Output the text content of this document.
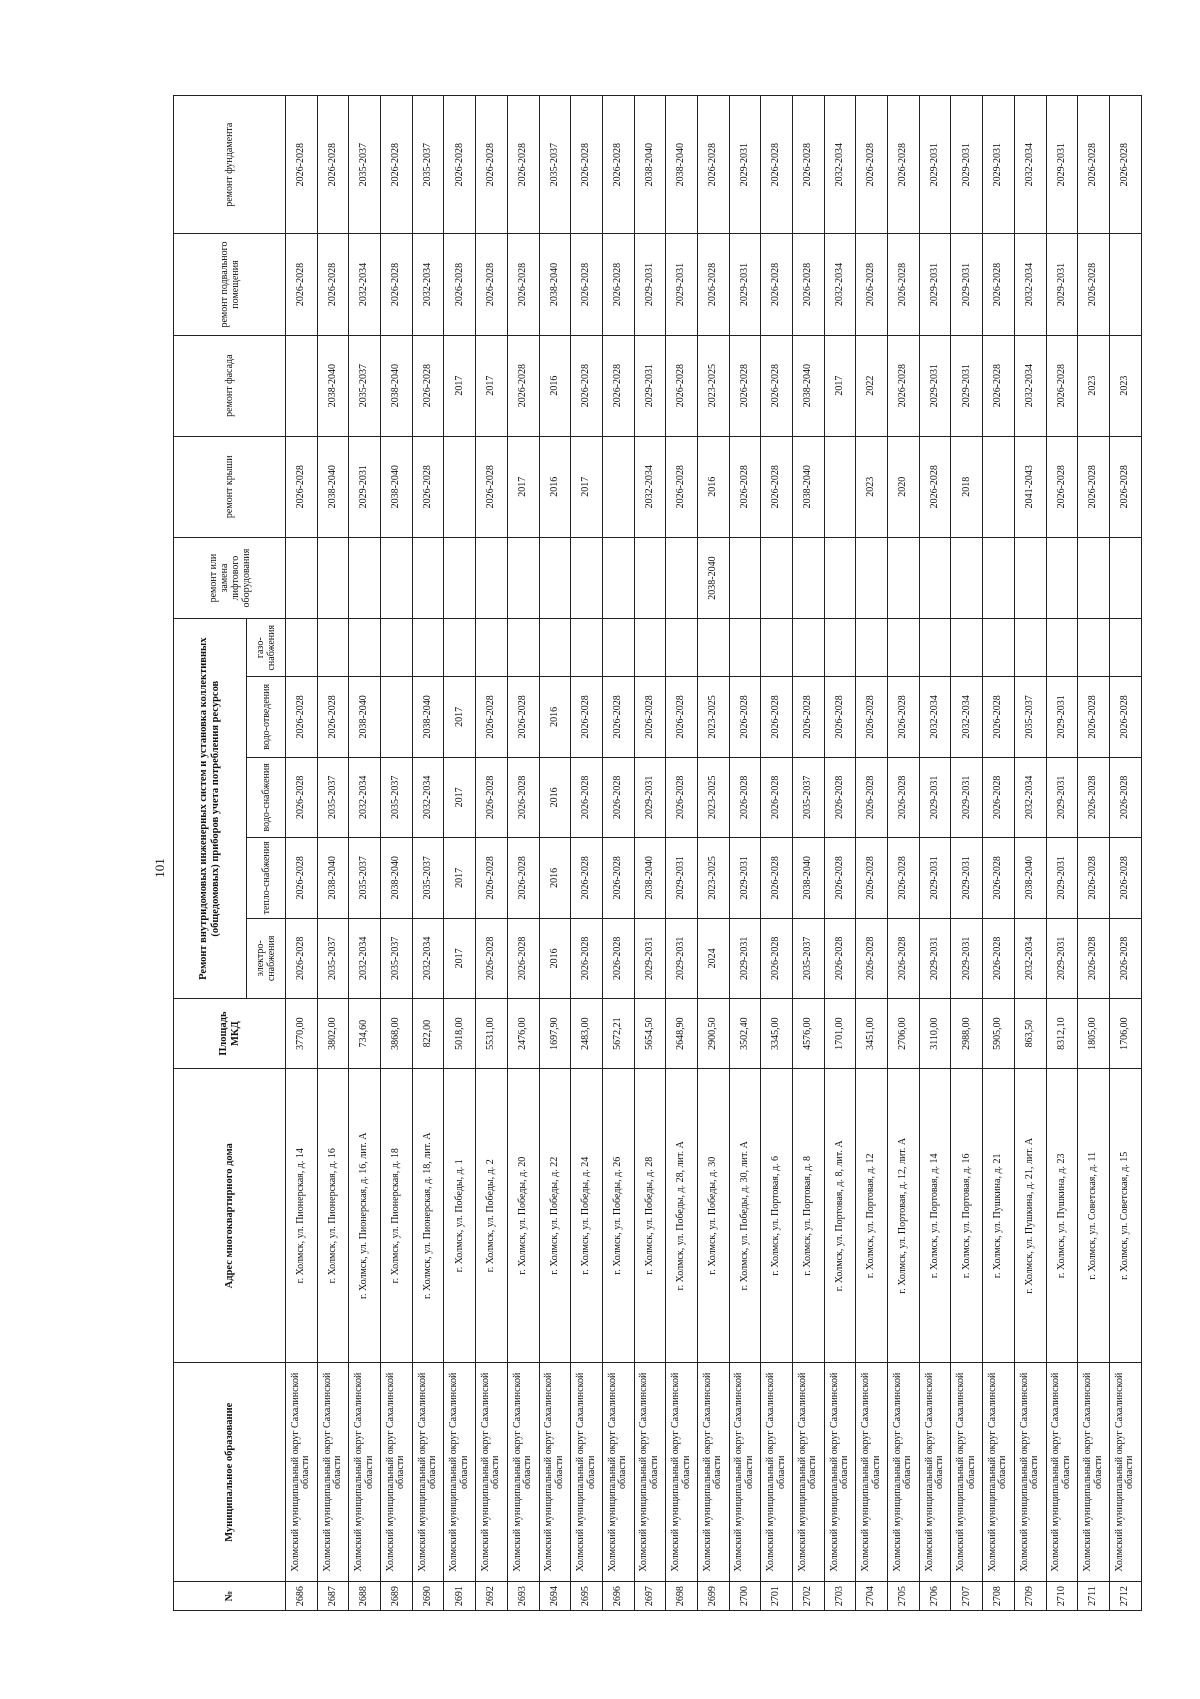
101
№	Муниципальное образование	Адрес многоквартирного дома	Площадь МКД	Ремонт внутридомовых инженерных систем и установка коллективных (общедомовых) приборов учета потребления ресурсов					ремонт или замена лифтового оборудования	ремонт крыши	ремонт фасада	ремонт подвального помещения	ремонт фундамента
				электро-снабжения	тепло-снабжения	водо-снабжения	водо-отведения	газо-снабжения					
2686	Холмский муниципальный округ Сахалинской области	г. Холмск, ул. Пионерская, д. 14	3770,00	2026-2028	2026-2028	2026-2028	2026-2028			2026-2028		2026-2028	2026-2028
2687	Холмский муниципальный округ Сахалинской области	г. Холмск, ул. Пионерская, д. 16	3802,00	2035-2037	2038-2040	2035-2037	2026-2028			2038-2040	2038-2040	2026-2028	2026-2028
2688	Холмский муниципальный округ Сахалинской области	г. Холмск, ул. Пионерская, д. 16, лит. А	734,60	2032-2034	2035-2037	2032-2034	2038-2040			2029-2031	2035-2037	2032-2034	2035-2037
2689	Холмский муниципальный округ Сахалинской области	г. Холмск, ул. Пионерская, д. 18	3868,00	2035-2037	2038-2040	2035-2037				2038-2040	2038-2040	2026-2028	2026-2028
2690	Холмский муниципальный округ Сахалинской области	г. Холмск, ул. Пионерская, д. 18, лит. А	822,00	2032-2034	2035-2037	2032-2034	2038-2040			2026-2028	2026-2028	2032-2034	2035-2037
2691	Холмский муниципальный округ Сахалинской области	г. Холмск, ул. Победы, д. 1	5018,00	2017	2017	2017	2017				2017	2026-2028	2026-2028
2692	Холмский муниципальный округ Сахалинской области	г. Холмск, ул. Победы, д. 2	5531,00	2026-2028	2026-2028	2026-2028	2026-2028			2026-2028	2017	2026-2028	2026-2028
2693	Холмский муниципальный округ Сахалинской области	г. Холмск, ул. Победы, д. 20	2476,00	2026-2028	2026-2028	2026-2028	2026-2028			2017	2026-2028	2026-2028	2026-2028
2694	Холмский муниципальный округ Сахалинской области	г. Холмск, ул. Победы, д. 22	1697,90	2016	2016	2016	2016			2016	2016	2038-2040	2035-2037
2695	Холмский муниципальный округ Сахалинской области	г. Холмск, ул. Победы, д. 24	2483,00	2026-2028	2026-2028	2026-2028	2026-2028			2017	2026-2028	2026-2028	2026-2028
2696	Холмский муниципальный округ Сахалинской области	г. Холмск, ул. Победы, д. 26	5672,21	2026-2028	2026-2028	2026-2028	2026-2028				2026-2028	2026-2028	2026-2028
2697	Холмский муниципальный округ Сахалинской области	г. Холмск, ул. Победы, д. 28	5654,50	2029-2031	2038-2040	2029-2031	2026-2028			2032-2034	2029-2031	2029-2031	2038-2040
2698	Холмский муниципальный округ Сахалинской области	г. Холмск, ул. Победы, д. 28, лит. А	2648,90	2029-2031	2029-2031	2026-2028	2026-2028			2026-2028	2026-2028	2029-2031	2038-2040
2699	Холмский муниципальный округ Сахалинской области	г. Холмск, ул. Победы, д. 30	2900,50	2024	2023-2025	2023-2025	2023-2025		2038-2040	2016	2023-2025	2026-2028	2026-2028
2700	Холмский муниципальный округ Сахалинской области	г. Холмск, ул. Победы, д. 30, лит. А	3502,40	2029-2031	2029-2031	2026-2028	2026-2028			2026-2028	2026-2028	2029-2031	2029-2031
2701	Холмский муниципальный округ Сахалинской области	г. Холмск, ул. Портовая, д. 6	3345,00	2026-2028	2026-2028	2026-2028	2026-2028			2026-2028	2026-2028	2026-2028	2026-2028
2702	Холмский муниципальный округ Сахалинской области	г. Холмск, ул. Портовая, д. 8	4576,00	2035-2037	2038-2040	2035-2037	2026-2028			2038-2040	2038-2040	2026-2028	2026-2028
2703	Холмский муниципальный округ Сахалинской области	г. Холмск, ул. Портовая, д. 8, лит. А	1701,00	2026-2028	2026-2028	2026-2028	2026-2028				2017	2032-2034	2032-2034
2704	Холмский муниципальный округ Сахалинской области	г. Холмск, ул. Портовая, д. 12	3451,00	2026-2028	2026-2028	2026-2028	2026-2028			2023	2022	2026-2028	2026-2028
2705	Холмский муниципальный округ Сахалинской области	г. Холмск, ул. Портовая, д. 12, лит. А	2706,00	2026-2028	2026-2028	2026-2028	2026-2028			2020	2026-2028	2026-2028	2026-2028
2706	Холмский муниципальный округ Сахалинской области	г. Холмск, ул. Портовая, д. 14	3110,00	2029-2031	2029-2031	2029-2031	2032-2034			2026-2028	2029-2031	2029-2031	2029-2031
2707	Холмский муниципальный округ Сахалинской области	г. Холмск, ул. Портовая, д. 16	2988,00	2029-2031	2029-2031	2029-2031	2032-2034			2018	2029-2031	2029-2031	2029-2031
2708	Холмский муниципальный округ Сахалинской области	г. Холмск, ул. Пушкина, д. 21	5905,00	2026-2028	2026-2028	2026-2028	2026-2028				2026-2028	2026-2028	2029-2031
2709	Холмский муниципальный округ Сахалинской области	г. Холмск, ул. Пушкина, д. 21, лит. А	863,50	2032-2034	2038-2040	2032-2034	2035-2037			2041-2043	2032-2034	2032-2034	2032-2034
2710	Холмский муниципальный округ Сахалинской области	г. Холмск, ул. Пушкина, д. 23	8312,10	2029-2031	2029-2031	2029-2031	2029-2031			2026-2028	2026-2028	2029-2031	2029-2031
2711	Холмский муниципальный округ Сахалинской области	г. Холмск, ул. Советская, д. 11	1805,00	2026-2028	2026-2028	2026-2028	2026-2028			2026-2028	2023	2026-2028	2026-2028
2712	Холмский муниципальный округ Сахалинской области	г. Холмск, ул. Советская, д. 15	1706,00	2026-2028	2026-2028	2026-2028	2026-2028			2026-2028	2023		2026-2028
